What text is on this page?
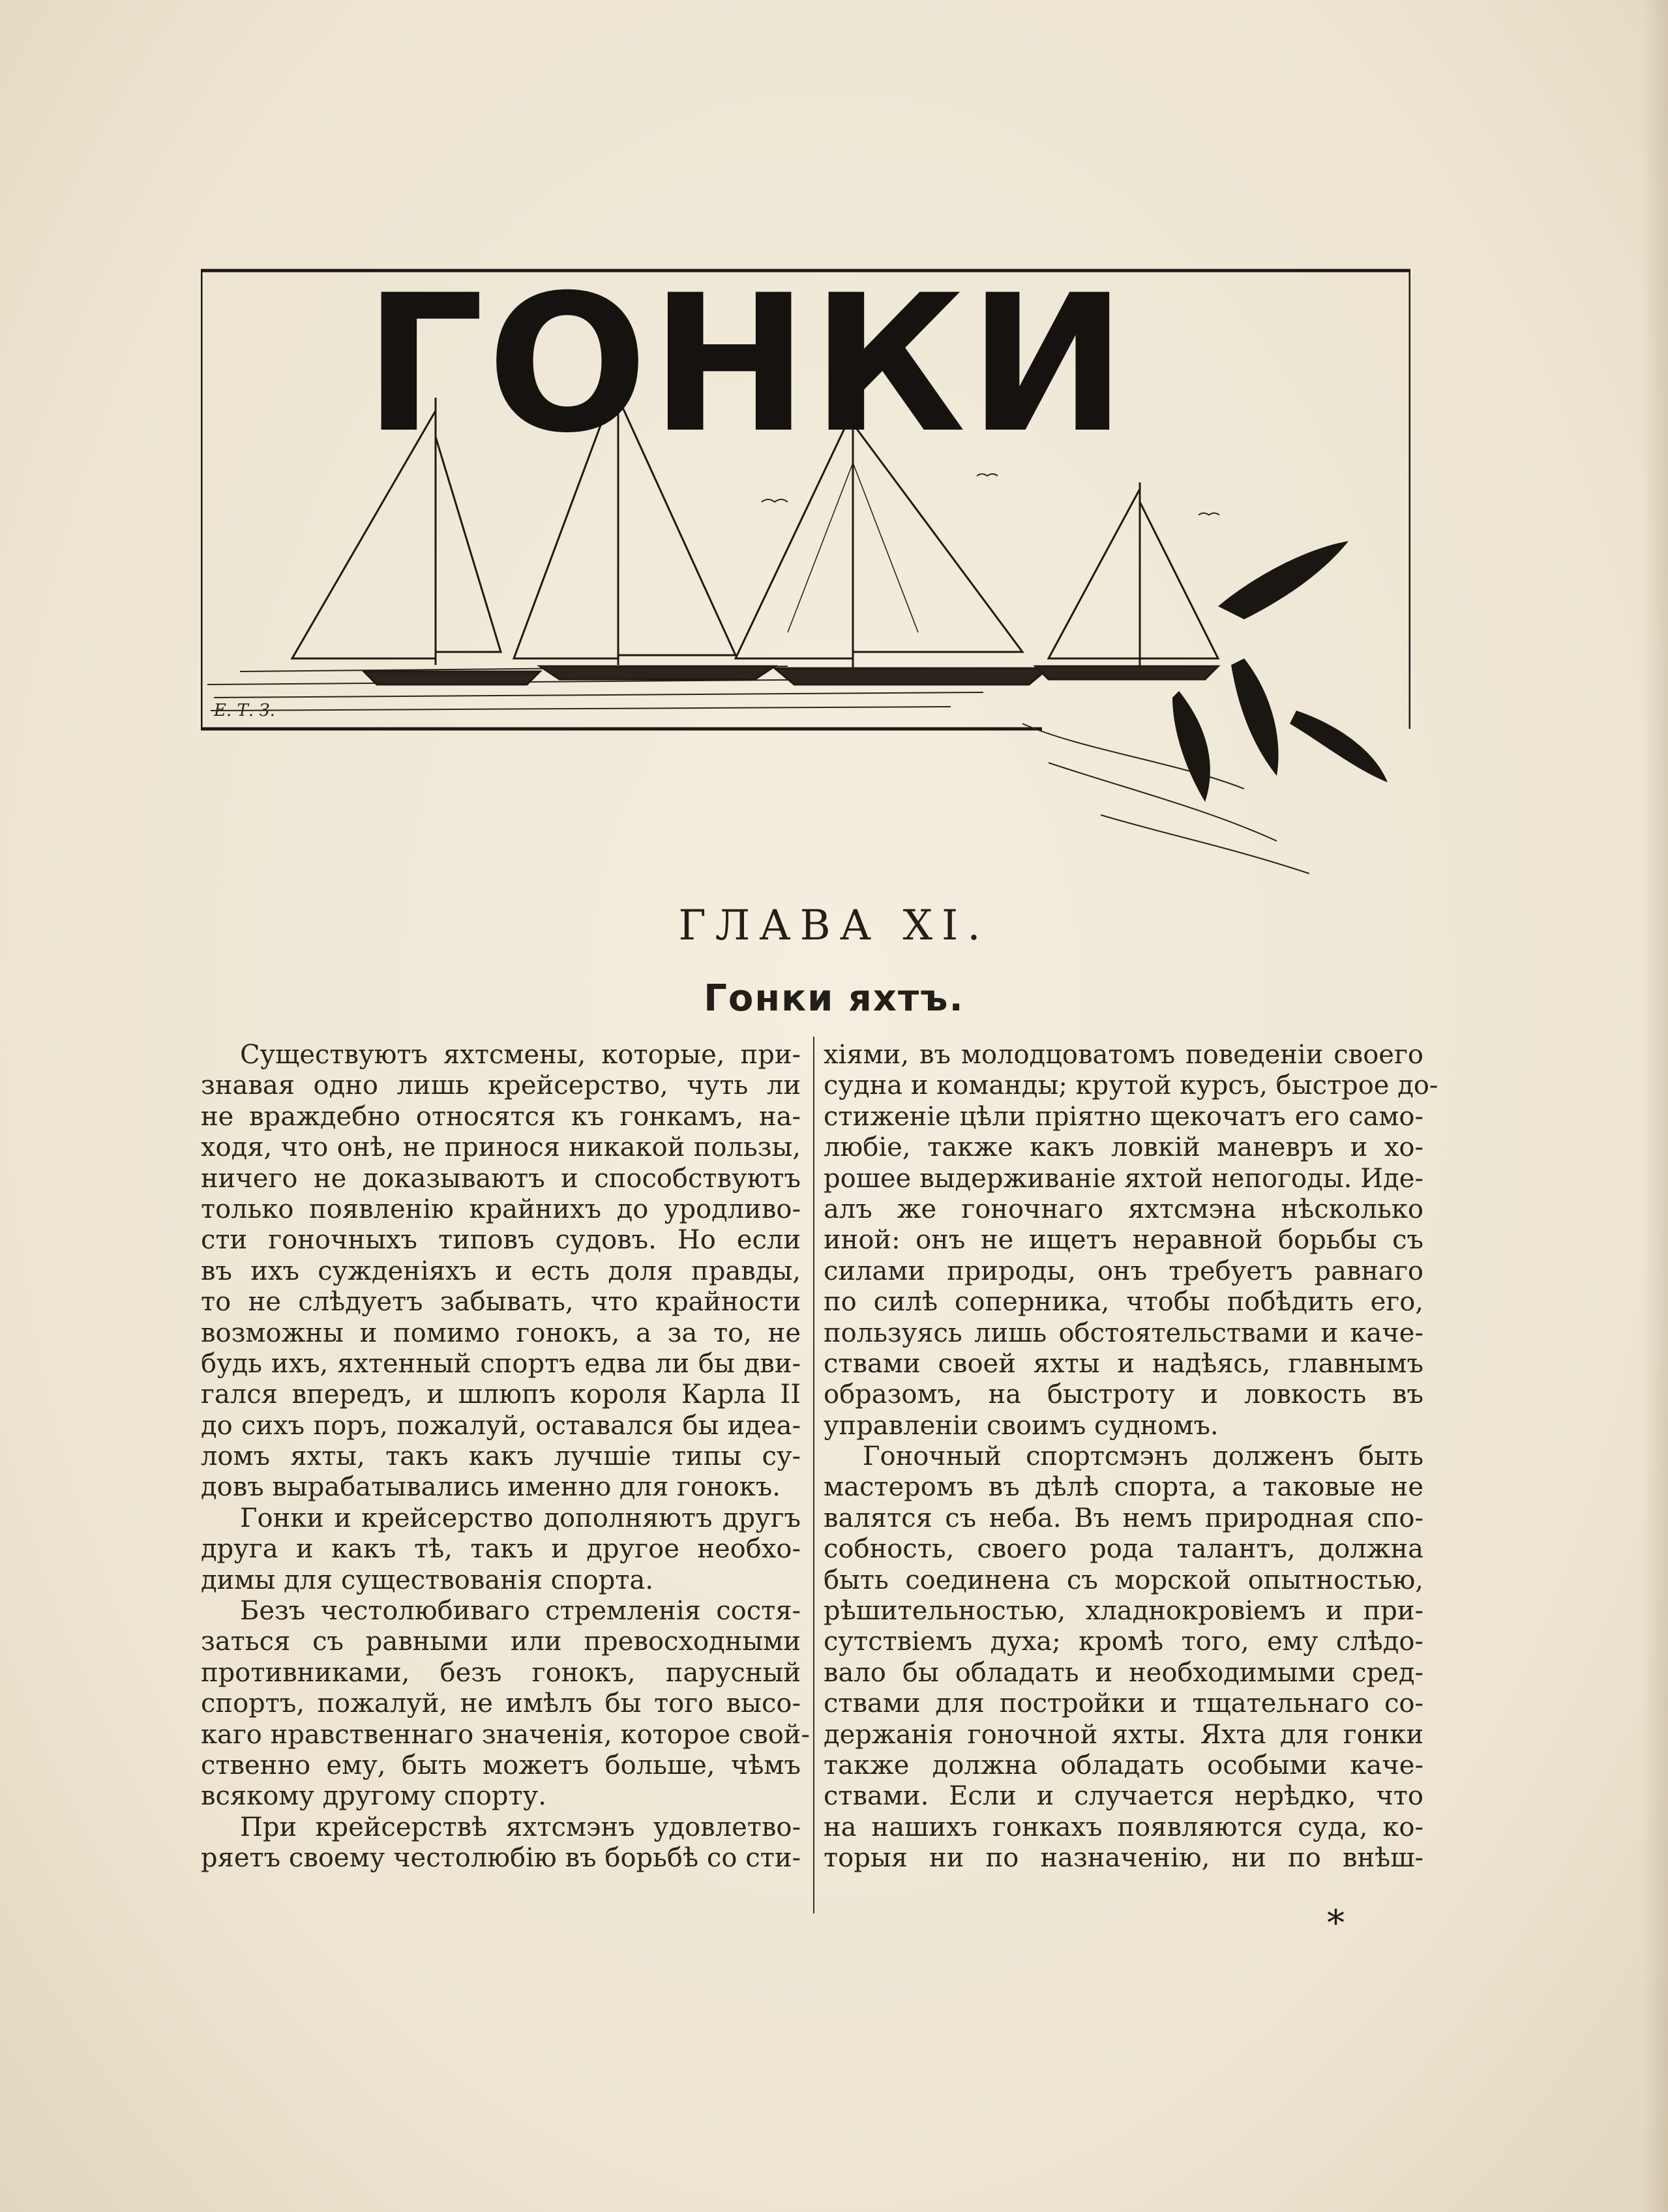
ГОНКИ
Е. Т. З.
ГЛАВА XI.
Гонки яхтъ.
Существуютъ яхтсмены, которые, при-
знавая одно лишь крейсерство, чуть ли
не враждебно относятся къ гонкамъ, на-
ходя, что онѣ, не принося никакой пользы,
ничего не доказываютъ и способствуютъ
только появленію крайнихъ до уродливо-
сти гоночныхъ типовъ судовъ. Но если
въ ихъ сужденіяхъ и есть доля правды,
то не слѣдуетъ забывать, что крайности
возможны и помимо гонокъ, а за то, не
будь ихъ, яхтенный спортъ едва ли бы дви-
гался впередъ, и шлюпъ короля Карла II
до сихъ поръ, пожалуй, оставался бы идеа-
ломъ яхты, такъ какъ лучшіе типы су-
довъ вырабатывались именно для гонокъ.
Гонки и крейсерство дополняютъ другъ
друга и какъ тѣ, такъ и другое необхо-
димы для существованія спорта.
Безъ честолюбиваго стремленія состя-
заться съ равными или превосходными
противниками, безъ гонокъ, парусный
спортъ, пожалуй, не имѣлъ бы того высо-
каго нравственнаго значенія, которое свой-
ственно ему, быть можетъ больше, чѣмъ
всякому другому спорту.
При крейсерствѣ яхтсмэнъ удовлетво-
ряетъ своему честолюбію въ борьбѣ со сти-
хіями, въ молодцоватомъ поведеніи своего
судна и команды; крутой курсъ, быстрое до-
стиженіе цѣли пріятно щекочатъ его само-
любіе, также какъ ловкій маневръ и хо-
рошее выдерживаніе яхтой непогоды. Иде-
алъ же гоночнаго яхтсмэна нѣсколько
иной: онъ не ищетъ неравной борьбы съ
силами природы, онъ требуетъ равнаго
по силѣ соперника, чтобы побѣдить его,
пользуясь лишь обстоятельствами и каче-
ствами своей яхты и надѣясь, главнымъ
образомъ, на быстроту и ловкость въ
управленіи своимъ судномъ.
Гоночный спортсмэнъ долженъ быть
мастеромъ въ дѣлѣ спорта, а таковые не
валятся съ неба. Въ немъ природная спо-
собность, своего рода талантъ, должна
быть соединена съ морской опытностью,
рѣшительностью, хладнокровіемъ и при-
сутствіемъ духа; кромѣ того, ему слѣдо-
вало бы обладать и необходимыми сред-
ствами для постройки и тщательнаго со-
держанія гоночной яхты. Яхта для гонки
также должна обладать особыми каче-
ствами. Если и случается нерѣдко, что
на нашихъ гонкахъ появляются суда, ко-
торыя ни по назначенію, ни по внѣш-
*
